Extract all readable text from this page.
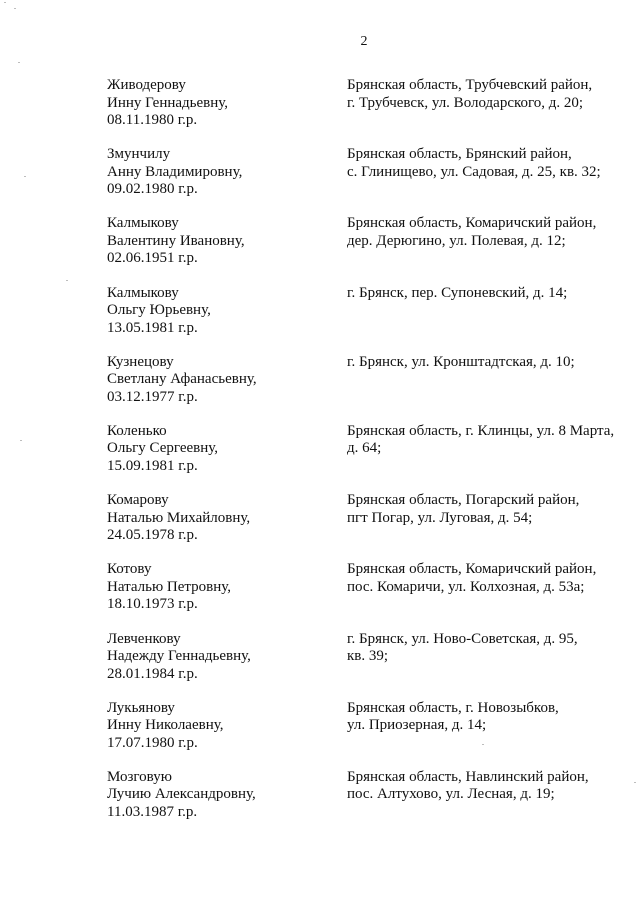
2
Живодерову
Инну Геннадьевну,
08.11.1980 г.р.
Брянская область, Трубчевский район,
г. Трубчевск, ул. Володарского, д. 20;
Змунчилу
Анну Владимировну,
09.02.1980 г.р.
Брянская область, Брянский район,
с. Глинищево, ул. Садовая, д. 25, кв. 32;
Калмыкову
Валентину Ивановну,
02.06.1951 г.р.
Брянская область, Комаричский район,
дер. Дерюгино, ул. Полевая, д. 12;
Калмыкову
Ольгу Юрьевну,
13.05.1981 г.р.
г. Брянск, пер. Супоневский, д. 14;
Кузнецову
Светлану Афанасьевну,
03.12.1977 г.р.
г. Брянск, ул. Кронштадтская, д. 10;
Коленько
Ольгу Сергеевну,
15.09.1981 г.р.
Брянская область, г. Клинцы, ул. 8 Марта,
д. 64;
Комарову
Наталью Михайловну,
24.05.1978 г.р.
Брянская область, Погарский район,
пгт Погар, ул. Луговая, д. 54;
Котову
Наталью Петровну,
18.10.1973 г.р.
Брянская область, Комаричский район,
пос. Комаричи, ул. Колхозная, д. 53а;
Левченкову
Надежду Геннадьевну,
28.01.1984 г.р.
г. Брянск, ул. Ново-Советская, д. 95,
кв. 39;
Лукьянову
Инну Николаевну,
17.07.1980 г.р.
Брянская область, г. Новозыбков,
ул. Приозерная, д. 14;
Мозговую
Лучию Александровну,
11.03.1987 г.р.
Брянская область, Навлинский район,
пос. Алтухово, ул. Лесная, д. 19;
